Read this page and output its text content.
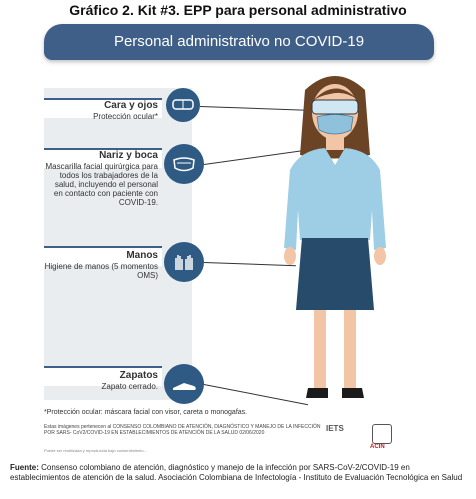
Gráfico 2. Kit #3. EPP para personal administrativo
Personal administrativo no COVID-19
Cara y ojos
Protección ocular*
Nariz y boca
Mascarilla facial quirúrgica para todos los trabajadores de la salud, incluyendo el personal en contacto con paciente con COVID-19.
Manos
Higiene de manos (5 momentos OMS)
Zapatos
Zapato cerrado.
*Protección ocular: máscara facial con visor, careta o monogafas.
Estas imágenes pertenecen al CONSENSO COLOMBIANO DE ATENCIÓN, DIAGNÓSTICO Y MANEJO DE LA INFECCIÓN POR SARS- CoV2/COVID-19 EN ESTABLECIMIENTOS DE ATENCIÓN DE LA SALUD 02/06/2020
Puede ser reutilizada y reproducida bajo consentimiento...
IETS
ACIN
Fuente: Consenso colombiano de atención, diagnóstico y manejo de la infección por SARS-CoV-2/COVID-19 en establecimientos de atención de la salud. Asociación Colombiana de Infectología - Instituto de Evaluación Tecnológica en Salud
